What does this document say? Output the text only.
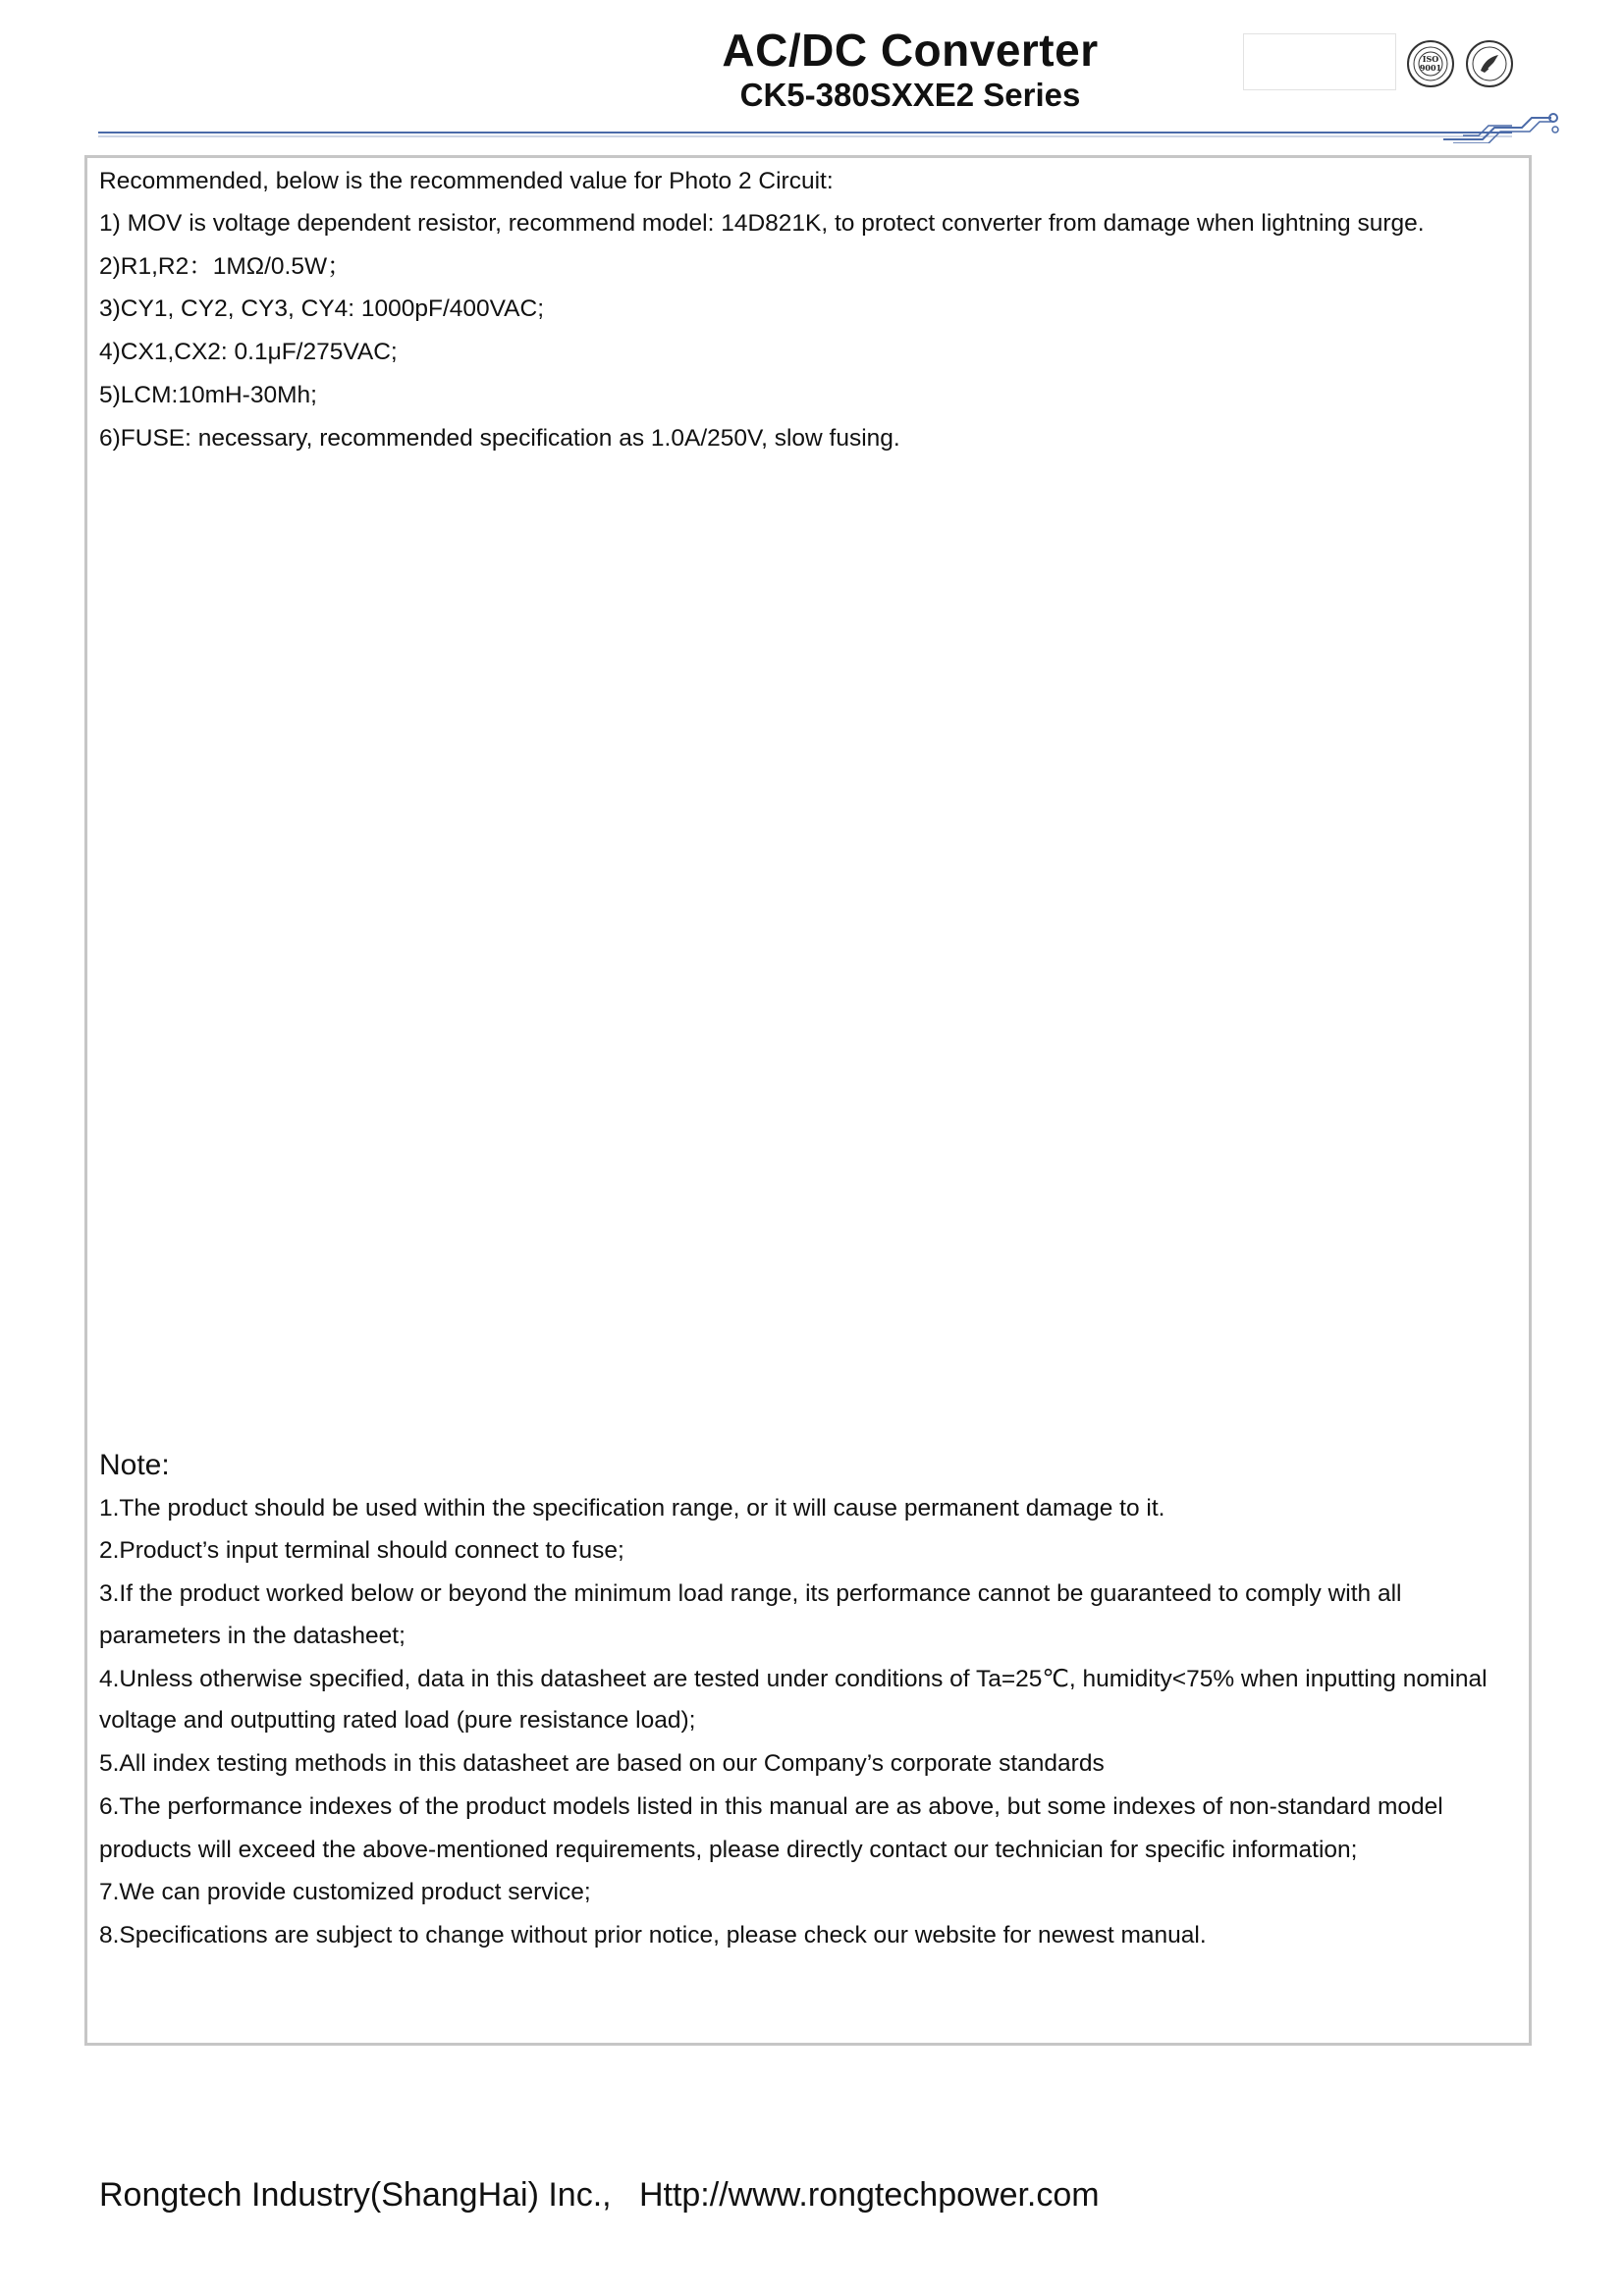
AC/DC Converter
CK5-380SXXE2 Series
ISO
9001
Recommended, below is the recommended value for Photo 2 Circuit:
1) MOV is voltage dependent resistor, recommend model: 14D821K, to protect converter from damage when lightning surge.
2)R1,R2：1MΩ/0.5W；
3)CY1, CY2, CY3, CY4: 1000pF/400VAC;
4)CX1,CX2: 0.1μF/275VAC;
5)LCM:10mH-30Mh;
6)FUSE: necessary, recommended specification as 1.0A/250V, slow fusing.
Note:
1.The product should be used within the specification range, or it will cause permanent damage to it.
2.Product’s input terminal should connect to fuse;
3.If the product worked below or beyond the minimum load range, its performance cannot be guaranteed to comply with all
parameters in the datasheet;
4.Unless otherwise specified, data in this datasheet are tested under conditions of Ta=25℃, humidity<75% when inputting nominal
voltage and outputting rated load (pure resistance load);
5.All index testing methods in this datasheet are based on our Company’s corporate standards
6.The performance indexes of the product models listed in this manual are as above, but some indexes of non-standard model
products will exceed the above-mentioned requirements, please directly contact our technician for specific information;
7.We can provide customized product service;
8.Specifications are subject to change without prior notice, please check our website for newest manual.
Rongtech Industry(ShangHai) Inc., Http://www.rongtechpower.com
